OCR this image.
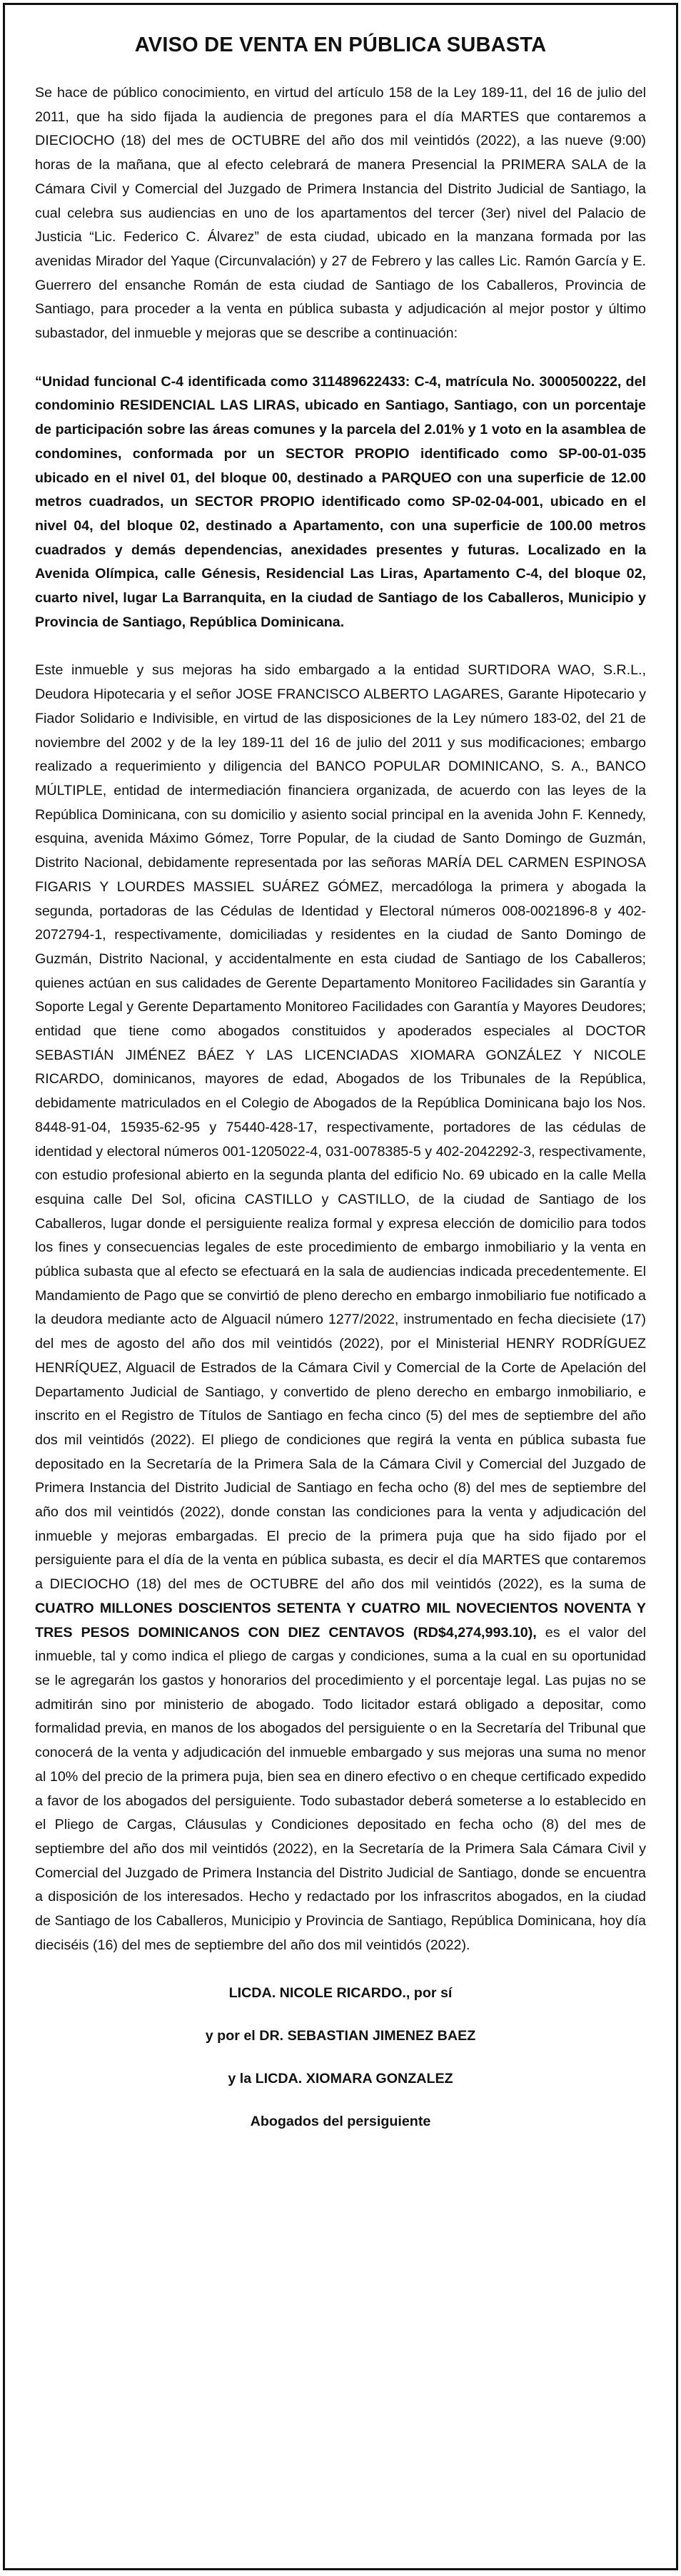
AVISO DE VENTA EN PÚBLICA SUBASTA

Se hace de público conocimiento, en virtud del artículo 158 de la Ley 189-11, del 16 de julio del 2011, que ha sido fijada la audiencia de pregones para el día MARTES que contaremos a DIECIOCHO (18) del mes de OCTUBRE del año dos mil veintidós (2022), a las nueve (9:00) horas de la mañana, que al efecto celebrará de manera Presencial la PRIMERA SALA de la Cámara Civil y Comercial del Juzgado de Primera Instancia del Distrito Judicial de Santiago, la cual celebra sus audiencias en uno de los apartamentos del tercer (3er) nivel del Palacio de Justicia “Lic. Federico C. Álvarez” de esta ciudad, ubicado en la manzana formada por las avenidas Mirador del Yaque (Circunvalación) y 27 de Febrero y las calles Lic. Ramón García y E. Guerrero del ensanche Román de esta ciudad de Santiago de los Caballeros, Provincia de Santiago, para proceder a la venta en pública subasta y adjudicación al mejor postor y último subastador, del inmueble y mejoras que se describe a continuación:

“Unidad funcional C-4 identificada como 311489622433: C-4, matrícula No. 3000500222, del condominio RESIDENCIAL LAS LIRAS, ubicado en Santiago, Santiago, con un porcentaje de participación sobre las áreas comunes y la parcela del 2.01% y 1 voto en la asamblea de condomines, conformada por un SECTOR PROPIO identificado como SP-00-01-035 ubicado en el nivel 01, del bloque 00, destinado a PARQUEO con una superficie de 12.00 metros cuadrados, un SECTOR PROPIO identificado como SP-02-04-001, ubicado en el nivel 04, del bloque 02, destinado a Apartamento, con una superficie de 100.00 metros cuadrados y demás dependencias, anexidades presentes y futuras. Localizado en la Avenida Olímpica, calle Génesis, Residencial Las Liras, Apartamento C-4, del bloque 02, cuarto nivel, lugar La Barranquita, en la ciudad de Santiago de los Caballeros, Municipio y Provincia de Santiago, República Dominicana.

Este inmueble y sus mejoras ha sido embargado a la entidad SURTIDORA WAO, S.R.L., Deudora Hipotecaria y el señor JOSE FRANCISCO ALBERTO LAGARES, Garante Hipotecario y Fiador Solidario e Indivisible, en virtud de las disposiciones de la Ley número 183-02, del 21 de noviembre del 2002 y de la ley 189-11 del 16 de julio del 2011 y sus modificaciones; embargo realizado a requerimiento y diligencia del BANCO POPULAR DOMINICANO, S. A., BANCO MÚLTIPLE, entidad de intermediación financiera organizada, de acuerdo con las leyes de la República Dominicana, con su domicilio y asiento social principal en la avenida John F. Kennedy, esquina, avenida Máximo Gómez, Torre Popular, de la ciudad de Santo Domingo de Guzmán, Distrito Nacional, debidamente representada por las señoras MARÍA DEL CARMEN ESPINOSA FIGARIS Y LOURDES MASSIEL SUÁREZ GÓMEZ, mercadóloga la primera y abogada la segunda, portadoras de las Cédulas de Identidad y Electoral números 008-0021896-8 y 402-2072794-1, respectivamente, domiciliadas y residentes en la ciudad de Santo Domingo de Guzmán, Distrito Nacional, y accidentalmente en esta ciudad de Santiago de los Caballeros; quienes actúan en sus calidades de Gerente Departamento Monitoreo Facilidades sin Garantía y Soporte Legal y Gerente Departamento Monitoreo Facilidades con Garantía y Mayores Deudores; entidad que tiene como abogados constituidos y apoderados especiales al DOCTOR SEBASTIÁN JIMÉNEZ BÁEZ Y LAS LICENCIADAS XIOMARA GONZÁLEZ Y NICOLE RICARDO, dominicanos, mayores de edad, Abogados de los Tribunales de la República, debidamente matriculados en el Colegio de Abogados de la República Dominicana bajo los Nos. 8448-91-04, 15935-62-95 y 75440-428-17, respectivamente, portadores de las cédulas de identidad y electoral números 001-1205022-4, 031-0078385-5 y 402-2042292-3, respectivamente, con estudio profesional abierto en la segunda planta del edificio No. 69 ubicado en la calle Mella esquina calle Del Sol, oficina CASTILLO y CASTILLO, de la ciudad de Santiago de los Caballeros, lugar donde el persiguiente realiza formal y expresa elección de domicilio para todos los fines y consecuencias legales de este procedimiento de embargo inmobiliario y la venta en pública subasta que al efecto se efectuará en la sala de audiencias indicada precedentemente. El Mandamiento de Pago que se convirtió de pleno derecho en embargo inmobiliario fue notificado a la deudora mediante acto de Alguacil número 1277/2022, instrumentado en fecha diecisiete (17) del mes de agosto del año dos mil veintidós (2022), por el Ministerial HENRY RODRÍGUEZ HENRÍQUEZ, Alguacil de Estrados de la Cámara Civil y Comercial de la Corte de Apelación del Departamento Judicial de Santiago, y convertido de pleno derecho en embargo inmobiliario, e inscrito en el Registro de Títulos de Santiago en fecha cinco (5) del mes de septiembre del año dos mil veintidós (2022). El pliego de condiciones que regirá la venta en pública subasta fue depositado en la Secretaría de la Primera Sala de la Cámara Civil y Comercial del Juzgado de Primera Instancia del Distrito Judicial de Santiago en fecha ocho (8) del mes de septiembre del año dos mil veintidós (2022), donde constan las condiciones para la venta y adjudicación del inmueble y mejoras embargadas. El precio de la primera puja que ha sido fijado por el persiguiente para el día de la venta en pública subasta, es decir el día MARTES que contaremos a DIECIOCHO (18) del mes de OCTUBRE del año dos mil veintidós (2022), es la suma de CUATRO MILLONES DOSCIENTOS SETENTA Y CUATRO MIL NOVECIENTOS NOVENTA Y TRES PESOS DOMINICANOS CON DIEZ CENTAVOS (RD$4,274,993.10), es el valor del inmueble, tal y como indica el pliego de cargas y condiciones, suma a la cual en su oportunidad se le agregarán los gastos y honorarios del procedimiento y el porcentaje legal. Las pujas no se admitirán sino por ministerio de abogado. Todo licitador estará obligado a depositar, como formalidad previa, en manos de los abogados del persiguiente o en la Secretaría del Tribunal que conocerá de la venta y adjudicación del inmueble embargado y sus mejoras una suma no menor al 10% del precio de la primera puja, bien sea en dinero efectivo o en cheque certificado expedido a favor de los abogados del persiguiente. Todo subastador deberá someterse a lo establecido en el Pliego de Cargas, Cláusulas y Condiciones depositado en fecha ocho (8) del mes de septiembre del año dos mil veintidós (2022), en la Secretaría de la Primera Sala Cámara Civil y Comercial del Juzgado de Primera Instancia del Distrito Judicial de Santiago, donde se encuentra a disposición de los interesados. Hecho y redactado por los infrascritos abogados, en la ciudad de Santiago de los Caballeros, Municipio y Provincia de Santiago, República Dominicana, hoy día dieciséis (16) del mes de septiembre del año dos mil veintidós (2022).

LICDA. NICOLE RICARDO., por sí

y por el DR. SEBASTIAN JIMENEZ BAEZ

y la LICDA. XIOMARA GONZALEZ

Abogados del persiguiente
